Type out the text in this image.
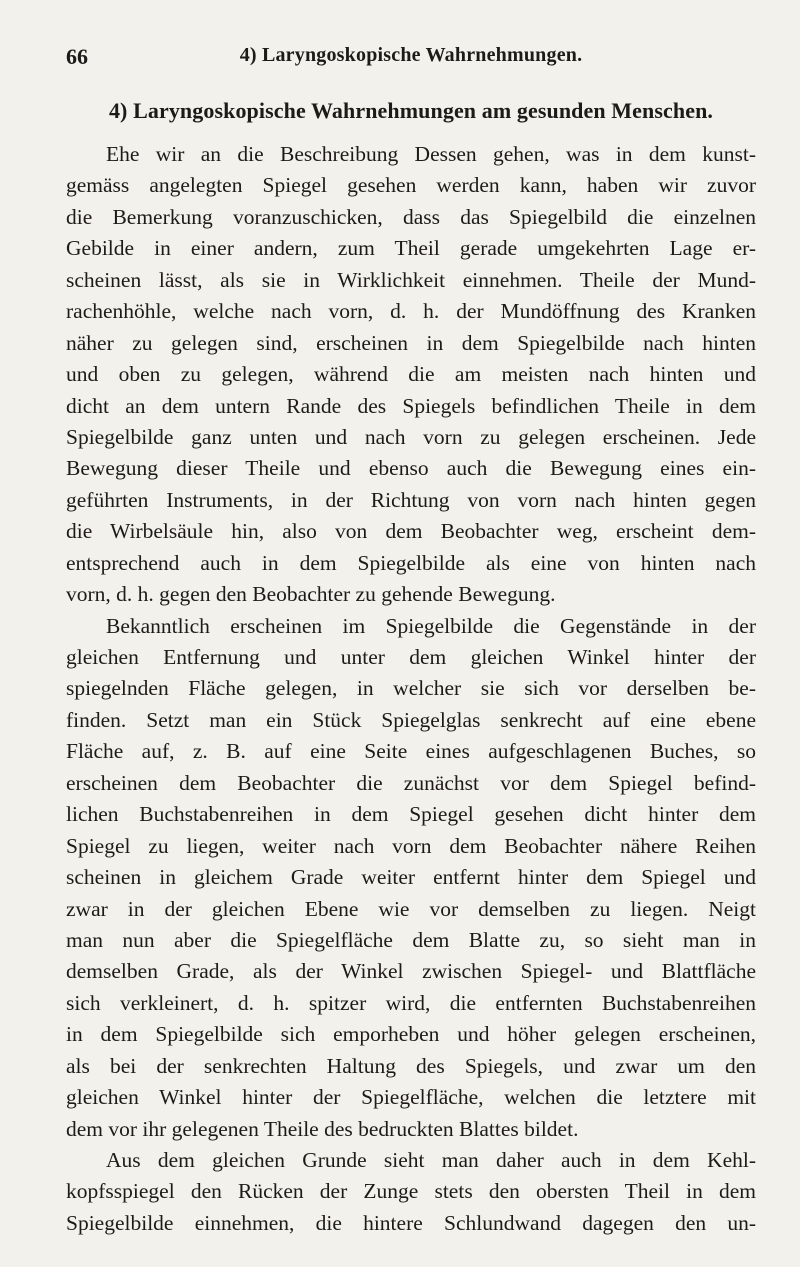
66	4) Laryngoskopische Wahrnehmungen.
4) Laryngoskopische Wahrnehmungen am gesunden Menschen.
Ehe wir an die Beschreibung Dessen gehen, was in dem kunst-
gemäss angelegten Spiegel gesehen werden kann, haben wir zuvor
die Bemerkung voranzuschicken, dass das Spiegelbild die einzelnen
Gebilde in einer andern, zum Theil gerade umgekehrten Lage er-
scheinen lässt, als sie in Wirklichkeit einnehmen. Theile der Mund-
rachenhöhle, welche nach vorn, d. h. der Mundöffnung des Kranken
näher zu gelegen sind, erscheinen in dem Spiegelbilde nach hinten
und oben zu gelegen, während die am meisten nach hinten und
dicht an dem untern Rande des Spiegels befindlichen Theile in dem
Spiegelbilde ganz unten und nach vorn zu gelegen erscheinen. Jede
Bewegung dieser Theile und ebenso auch die Bewegung eines ein-
geführten Instruments, in der Richtung von vorn nach hinten gegen
die Wirbelsäule hin, also von dem Beobachter weg, erscheint dem-
entsprechend auch in dem Spiegelbilde als eine von hinten nach
vorn, d. h. gegen den Beobachter zu gehende Bewegung.
Bekanntlich erscheinen im Spiegelbilde die Gegenstände in der
gleichen Entfernung und unter dem gleichen Winkel hinter der
spiegelnden Fläche gelegen, in welcher sie sich vor derselben be-
finden. Setzt man ein Stück Spiegelglas senkrecht auf eine ebene
Fläche auf, z. B. auf eine Seite eines aufgeschlagenen Buches, so
erscheinen dem Beobachter die zunächst vor dem Spiegel befind-
lichen Buchstabenreihen in dem Spiegel gesehen dicht hinter dem
Spiegel zu liegen, weiter nach vorn dem Beobachter nähere Reihen
scheinen in gleichem Grade weiter entfernt hinter dem Spiegel und
zwar in der gleichen Ebene wie vor demselben zu liegen. Neigt
man nun aber die Spiegelfläche dem Blatte zu, so sieht man in
demselben Grade, als der Winkel zwischen Spiegel- und Blattfläche
sich verkleinert, d. h. spitzer wird, die entfernten Buchstabenreihen
in dem Spiegelbilde sich emporheben und höher gelegen erscheinen,
als bei der senkrechten Haltung des Spiegels, und zwar um den
gleichen Winkel hinter der Spiegelfläche, welchen die letztere mit
dem vor ihr gelegenen Theile des bedruckten Blattes bildet.
Aus dem gleichen Grunde sieht man daher auch in dem Kehl-
kopfsspiegel den Rücken der Zunge stets den obersten Theil in dem
Spiegelbilde einnehmen, die hintere Schlundwand dagegen den un-
